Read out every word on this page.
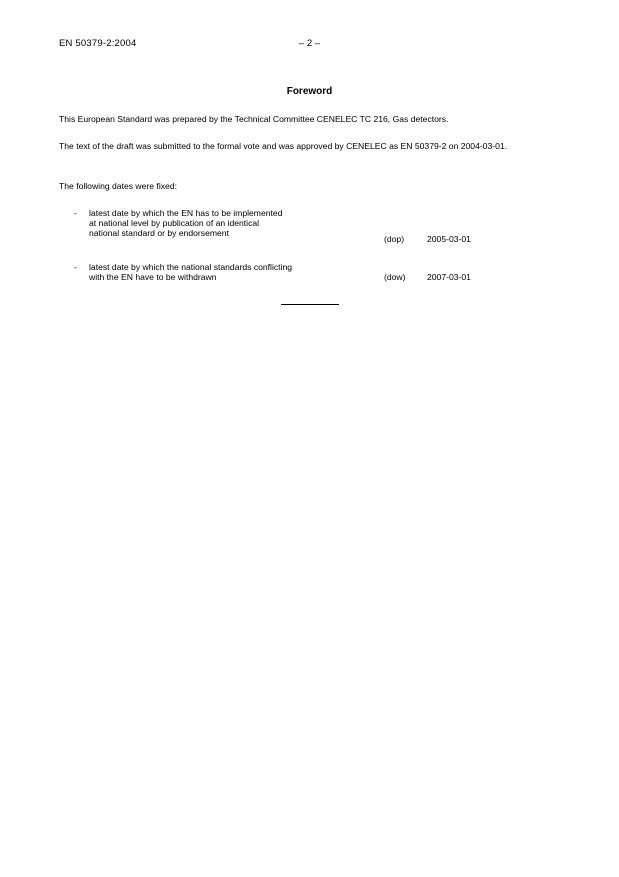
EN 50379-2:2004	– 2 –
Foreword
This European Standard was prepared by the Technical Committee CENELEC TC 216, Gas detectors.
The text of the draft was submitted to the formal vote and was approved by CENELEC as EN 50379-2 on 2004-03-01.
The following dates were fixed:
- latest date by which the EN has to be implemented
at national level by publication of an identical
national standard or by endorsement
(dop)	2005-03-01
- latest date by which the national standards conflicting
with the EN have to be withdrawn	(dow)	2007-03-01
